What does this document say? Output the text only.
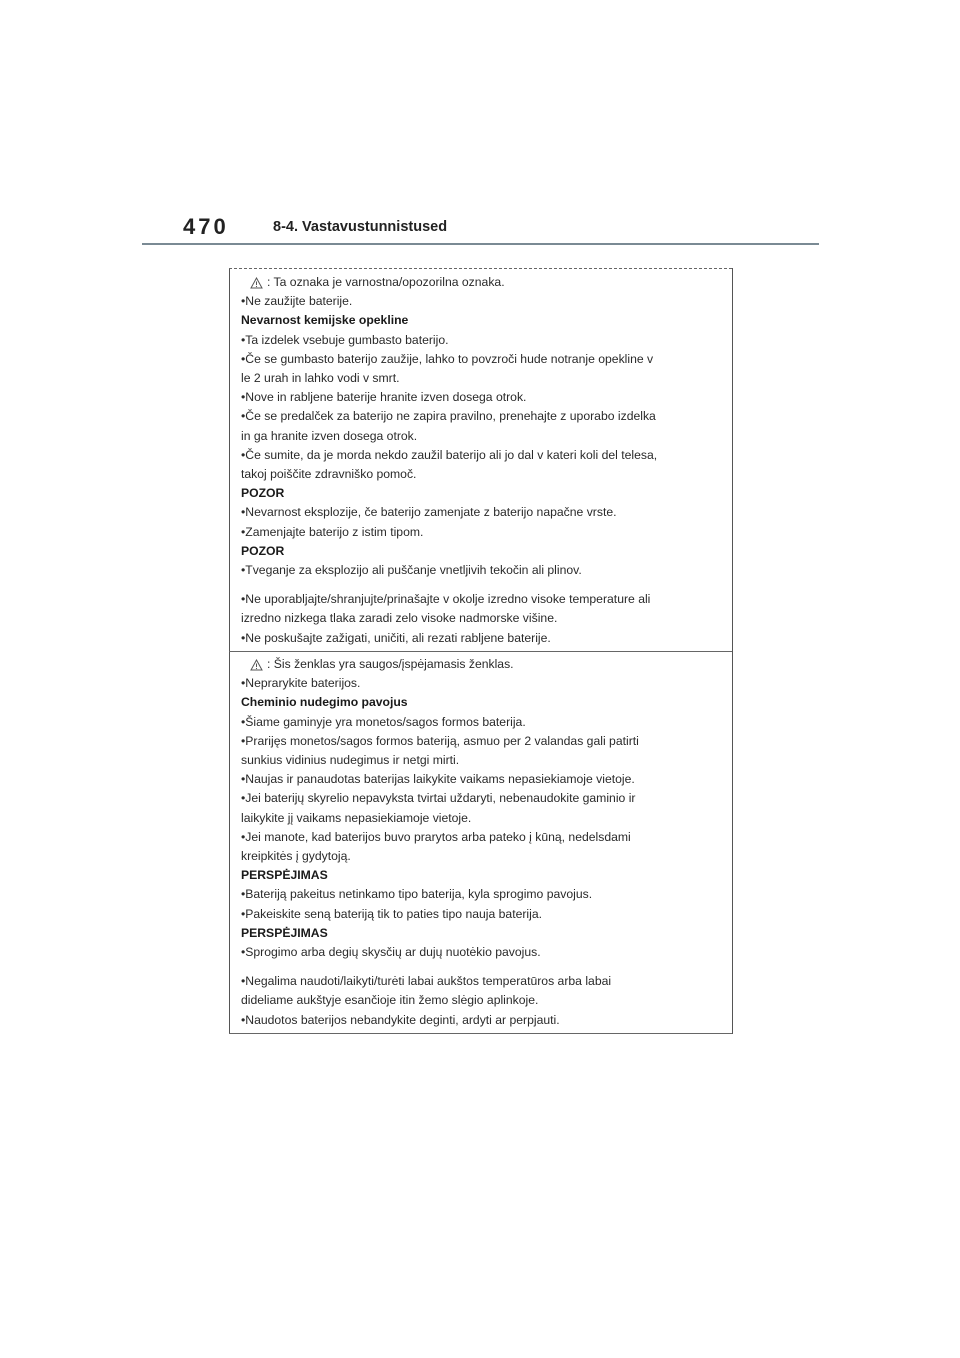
470	8-4. Vastavustunnistused
: Ta oznaka je varnostna/opozorilna oznaka.
•Ne zaužijte baterije.
Nevarnost kemijske opekline
•Ta izdelek vsebuje gumbasto baterijo.
•Če se gumbasto baterijo zaužije, lahko to povzroči hude notranje opekline v
le 2 urah in lahko vodi v smrt.
•Nove in rabljene baterije hranite izven dosega otrok.
•Če se predalček za baterijo ne zapira pravilno, prenehajte z uporabo izdelka
in ga hranite izven dosega otrok.
•Če sumite, da je morda nekdo zaužil baterijo ali jo dal v kateri koli del telesa,
takoj poiščite zdravniško pomoč.
POZOR
•Nevarnost eksplozije, če baterijo zamenjate z baterijo napačne vrste.
•Zamenjajte baterijo z istim tipom.
POZOR
•Tveganje za eksplozijo ali puščanje vnetljivih tekočin ali plinov.
•Ne uporabljajte/shranjujte/prinašajte v okolje izredno visoke temperature ali
izredno nizkega tlaka zaradi zelo visoke nadmorske višine.
•Ne poskušajte zažigati, uničiti, ali rezati rabljene baterije.
: Šis ženklas yra saugos/įspėjamasis ženklas.
•Neprarykite baterijos.
Cheminio nudegimo pavojus
•Šiame gaminyje yra monetos/sagos formos baterija.
•Prarijęs monetos/sagos formos bateriją, asmuo per 2 valandas gali patirti
sunkius vidinius nudegimus ir netgi mirti.
•Naujas ir panaudotas baterijas laikykite vaikams nepasiekiamoje vietoje.
•Jei baterijų skyrelio nepavyksta tvirtai uždaryti, nebenaudokite gaminio ir
laikykite jį vaikams nepasiekiamoje vietoje.
•Jei manote, kad baterijos buvo prarytos arba pateko į kūną, nedelsdami
kreipkitės į gydytoją.
PERSPĖJIMAS
•Bateriją pakeitus netinkamo tipo baterija, kyla sprogimo pavojus.
•Pakeiskite seną bateriją tik to paties tipo nauja baterija.
PERSPĖJIMAS
•Sprogimo arba degių skysčių ar dujų nuotėkio pavojus.
•Negalima naudoti/laikyti/turėti labai aukštos temperatūros arba labai
dideliame aukštyje esančioje itin žemo slėgio aplinkoje.
•Naudotos baterijos nebandykite deginti, ardyti ar perpjauti.
